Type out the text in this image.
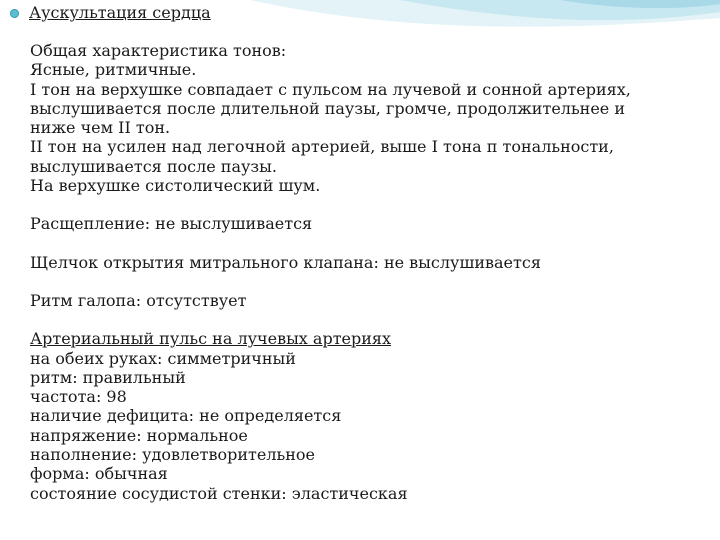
Аускультация сердца
Общая характеристика тонов:
Ясные, ритмичные.
I тон на верхушке совпадает с пульсом на лучевой и сонной артериях,
выслушивается после длительной паузы, громче, продолжительнее и
ниже чем II тон.
II тон на усилен над легочной артерией, выше I тона п тональности,
выслушивается после паузы.
На верхушке систолический шум.
Расщепление: не выслушивается
Щелчок открытия митрального клапана: не выслушивается
Ритм галопа: отсутствует
Артериальный пульс на лучевых артериях
на обеих руках: симметричный
ритм: правильный
частота: 98
наличие дефицита: не определяется
напряжение: нормальное
наполнение: удовлетворительное
форма: обычная
состояние сосудистой стенки: эластическая
